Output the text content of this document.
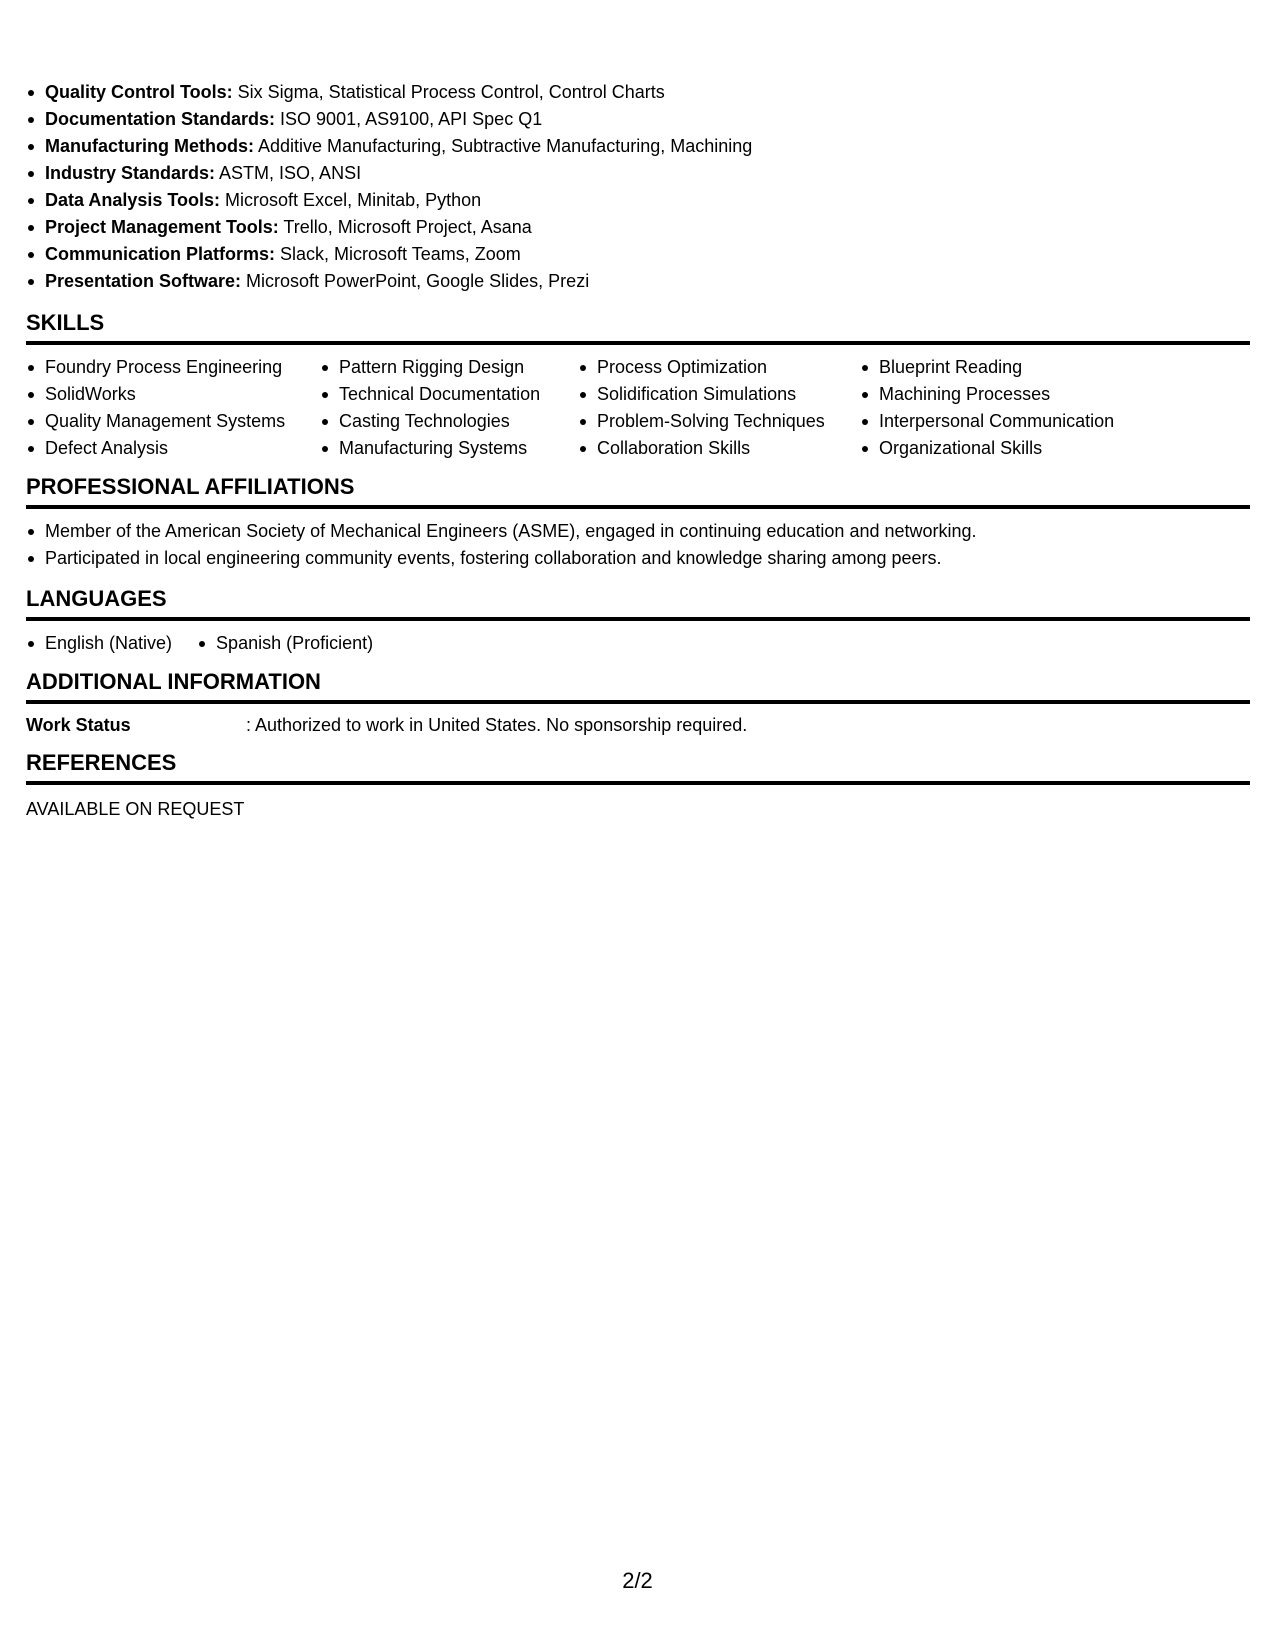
Quality Control Tools: Six Sigma, Statistical Process Control, Control Charts
Documentation Standards: ISO 9001, AS9100, API Spec Q1
Manufacturing Methods: Additive Manufacturing, Subtractive Manufacturing, Machining
Industry Standards: ASTM, ISO, ANSI
Data Analysis Tools: Microsoft Excel, Minitab, Python
Project Management Tools: Trello, Microsoft Project, Asana
Communication Platforms: Slack, Microsoft Teams, Zoom
Presentation Software: Microsoft PowerPoint, Google Slides, Prezi
SKILLS
Foundry Process Engineering
SolidWorks
Quality Management Systems
Defect Analysis
Pattern Rigging Design
Technical Documentation
Casting Technologies
Manufacturing Systems
Process Optimization
Solidification Simulations
Problem-Solving Techniques
Collaboration Skills
Blueprint Reading
Machining Processes
Interpersonal Communication
Organizational Skills
PROFESSIONAL AFFILIATIONS
Member of the American Society of Mechanical Engineers (ASME), engaged in continuing education and networking.
Participated in local engineering community events, fostering collaboration and knowledge sharing among peers.
LANGUAGES
English (Native)	Spanish (Proficient)
ADDITIONAL INFORMATION
Work Status	: Authorized to work in United States. No sponsorship required.
REFERENCES
AVAILABLE ON REQUEST
2/2
